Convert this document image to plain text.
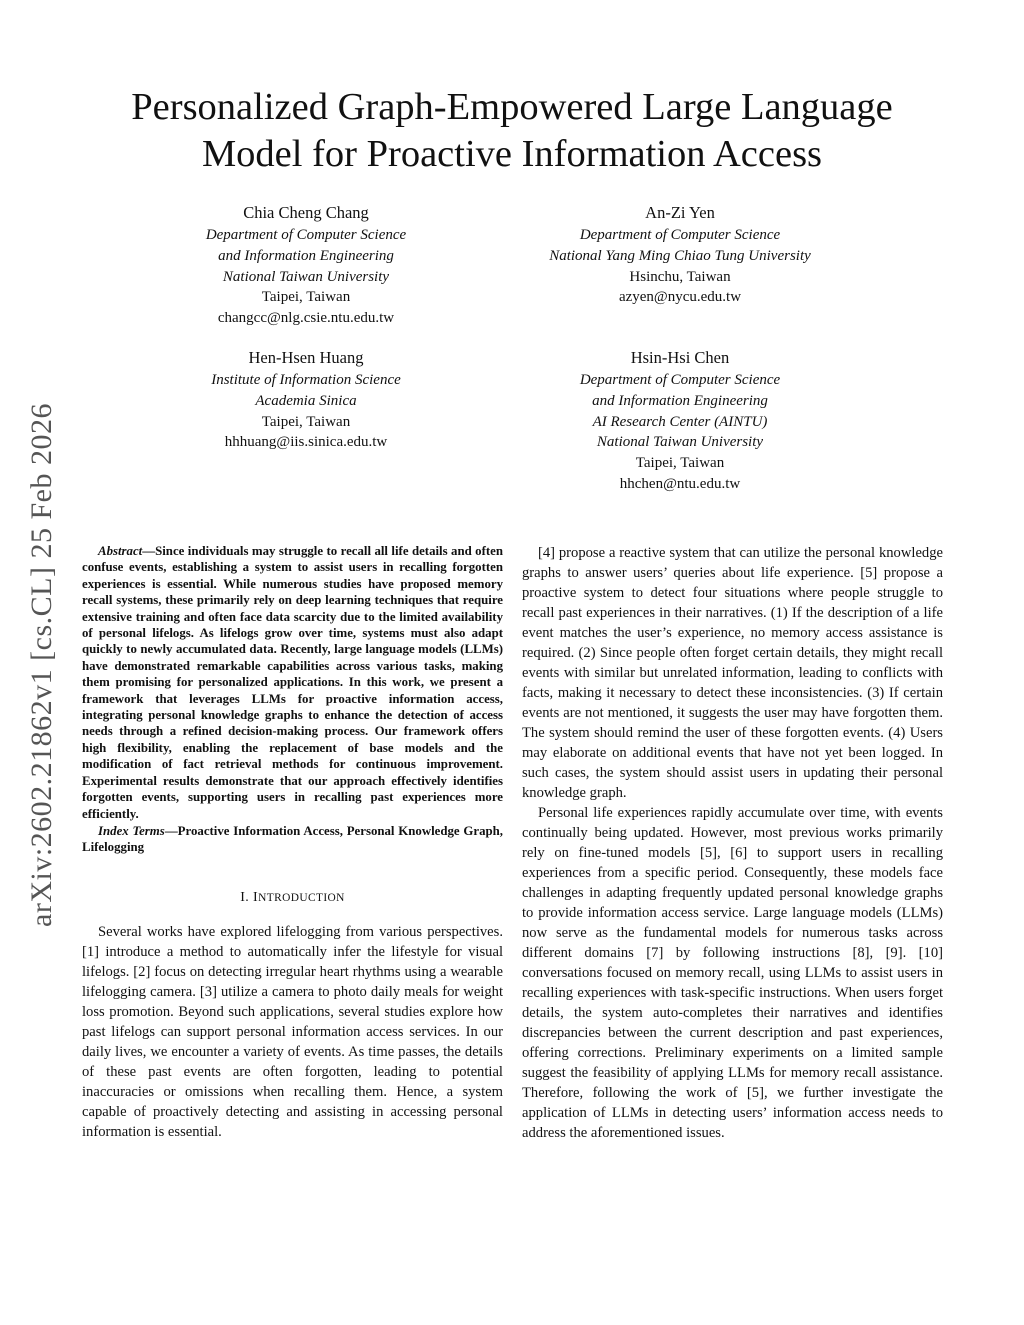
arXiv:2602.21862v1 [cs.CL] 25 Feb 2026
Personalized Graph-Empowered Large Language Model for Proactive Information Access
Chia Cheng Chang
Department of Computer Science
and Information Engineering
National Taiwan University
Taipei, Taiwan
changcc@nlg.csie.ntu.edu.tw
An-Zi Yen
Department of Computer Science
National Yang Ming Chiao Tung University
Hsinchu, Taiwan
azyen@nycu.edu.tw
Hen-Hsen Huang
Institute of Information Science
Academia Sinica
Taipei, Taiwan
hhhuang@iis.sinica.edu.tw
Hsin-Hsi Chen
Department of Computer Science
and Information Engineering
AI Research Center (AINTU)
National Taiwan University
Taipei, Taiwan
hhchen@ntu.edu.tw

Abstract—Since individuals may struggle to recall all life details and often confuse events, establishing a system to assist users in recalling forgotten experiences is essential. While numerous studies have proposed memory recall systems, these primarily rely on deep learning techniques that require extensive training and often face data scarcity due to the limited availability of personal lifelogs. As lifelogs grow over time, systems must also adapt quickly to newly accumulated data. Recently, large language models (LLMs) have demonstrated remarkable capabilities across various tasks, making them promising for personalized applications. In this work, we present a framework that leverages LLMs for proactive information access, integrating personal knowledge graphs to enhance the detection of access needs through a refined decision-making process. Our framework offers high flexibility, enabling the replacement of base models and the modification of fact retrieval methods for continuous improvement. Experimental results demonstrate that our approach effectively identifies forgotten events, supporting users in recalling past experiences more efficiently.

Index Terms—Proactive Information Access, Personal Knowledge Graph, Lifelogging

I. INTRODUCTION

Several works have explored lifelogging from various perspectives. [1] introduce a method to automatically infer the lifestyle for visual lifelogs. [2] focus on detecting irregular heart rhythms using a wearable lifelogging camera. [3] utilize a camera to photo daily meals for weight loss promotion. Beyond such applications, several studies explore how past lifelogs can support personal information access services. In our daily lives, we encounter a variety of events. As time passes, the details of these past events are often forgotten, leading to potential inaccuracies or omissions when recalling them. Hence, a system capable of proactively detecting and assisting in accessing personal information is essential.

[4] propose a reactive system that can utilize the personal knowledge graphs to answer users’ queries about life experience. [5] propose a proactive system to detect four situations where people struggle to recall past experiences in their narratives. (1) If the description of a life event matches the user’s experience, no memory access assistance is required. (2) Since people often forget certain details, they might recall events with similar but unrelated information, leading to conflicts with facts, making it necessary to detect these inconsistencies. (3) If certain events are not mentioned, it suggests the user may have forgotten them. The system should remind the user of these forgotten events. (4) Users may elaborate on additional events that have not yet been logged. In such cases, the system should assist users in updating their personal knowledge graph.

Personal life experiences rapidly accumulate over time, with events continually being updated. However, most previous works primarily rely on fine-tuned models [5], [6] to support users in recalling experiences from a specific period. Consequently, these models face challenges in adapting frequently updated personal knowledge graphs to provide information access service. Large language models (LLMs) now serve as the fundamental models for numerous tasks across different domains [7] by following instructions [8], [9]. [10] conversations focused on memory recall, using LLMs to assist users in recalling experiences with task-specific instructions. When users forget details, the system auto-completes their narratives and identifies discrepancies between the current description and past experiences, offering corrections. Preliminary experiments on a limited sample suggest the feasibility of applying LLMs for memory recall assistance. Therefore, following the work of [5], we further investigate the application of LLMs in detecting users’ information access needs to address the aforementioned issues.
